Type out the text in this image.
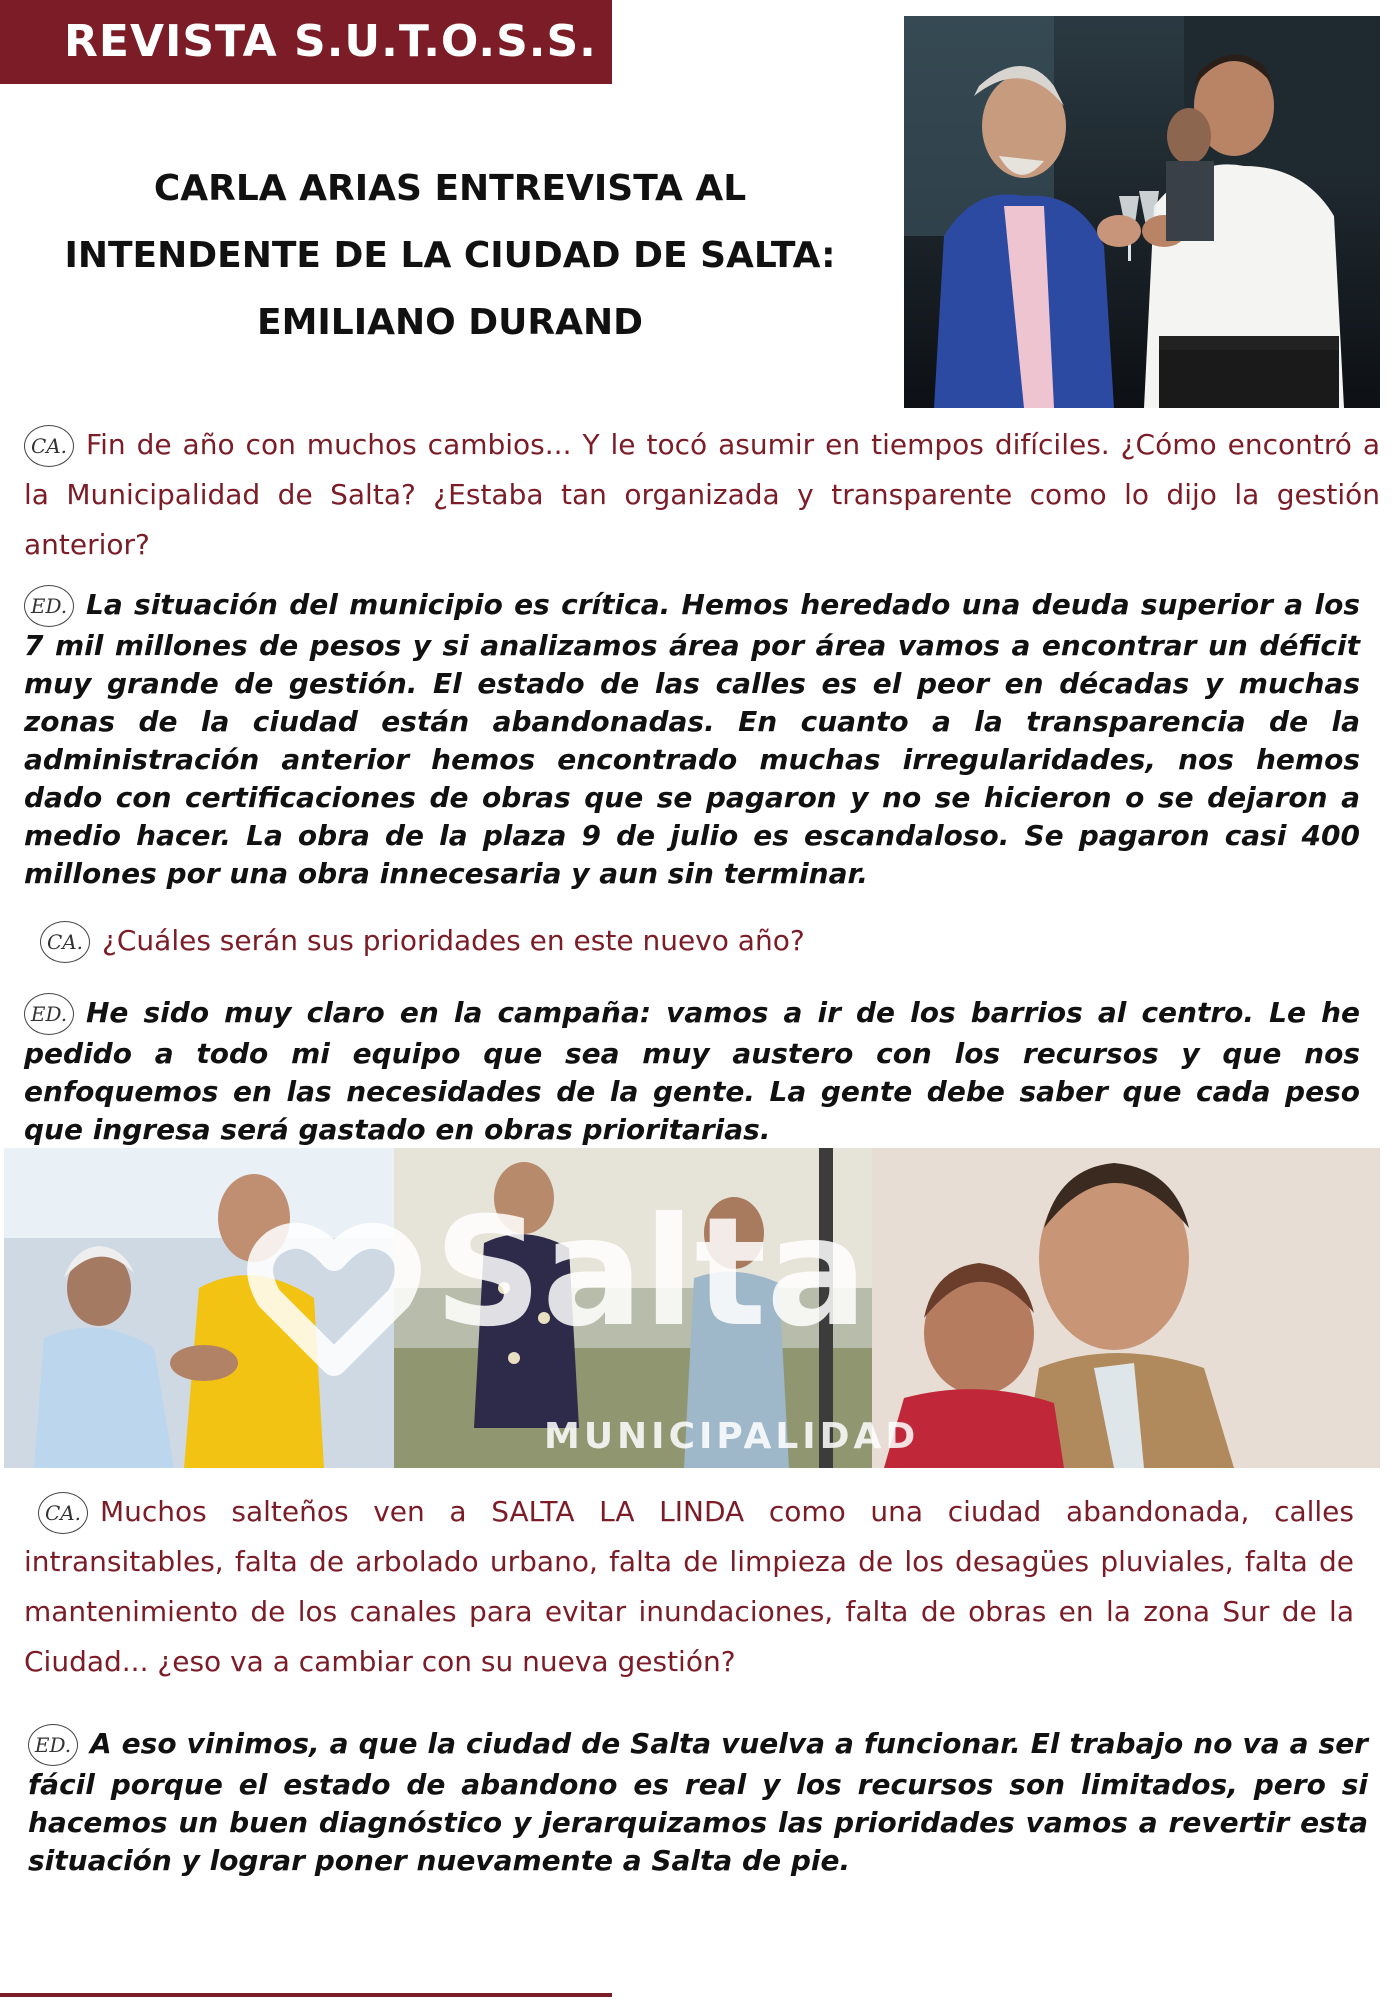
REVISTA S.U.T.O.S.S.
CARLA ARIAS ENTREVISTA AL
INTENDENTE DE LA CIUDAD DE SALTA:
EMILIANO DURAND

CA. Fin de año con muchos cambios... Y le tocó asumir en tiempos difíciles. ¿Cómo encontró a la Municipalidad de Salta? ¿Estaba tan organizada y transparente como lo dijo la gestión anterior?

ED. La situación del municipio es crítica. Hemos heredado una deuda superior a los 7 mil millones de pesos y si analizamos área por área vamos a encontrar un déficit muy grande de gestión. El estado de las calles es el peor en décadas y muchas zonas de la ciudad están abandonadas. En cuanto a la transparencia de la administración anterior hemos encontrado muchas irregularidades, nos hemos dado con certificaciones de obras que se pagaron y no se hicieron o se dejaron a medio hacer. La obra de la plaza 9 de julio es escandaloso. Se pagaron casi 400 millones por una obra innecesaria y aun sin terminar.

CA. ¿Cuáles serán sus prioridades en este nuevo año?

ED. He sido muy claro en la campaña: vamos a ir de los barrios al centro. Le he pedido a todo mi equipo que sea muy austero con los recursos y que nos enfoquemos en las necesidades de la gente. La gente debe saber que cada peso que ingresa será gastado en obras prioritarias.

Salta
MUNICIPALIDAD

CA. Muchos salteños ven a SALTA LA LINDA como una ciudad abandonada, calles intransitables, falta de arbolado urbano, falta de limpieza de los desagües pluviales, falta de mantenimiento de los canales para evitar inundaciones, falta de obras en la zona Sur de la Ciudad... ¿eso va a cambiar con su nueva gestión?

ED. A eso vinimos, a que la ciudad de Salta vuelva a funcionar. El trabajo no va a ser fácil porque el estado de abandono es real y los recursos son limitados, pero si hacemos un buen diagnóstico y jerarquizamos las prioridades vamos a revertir esta situación y lograr poner nuevamente a Salta de pie.
